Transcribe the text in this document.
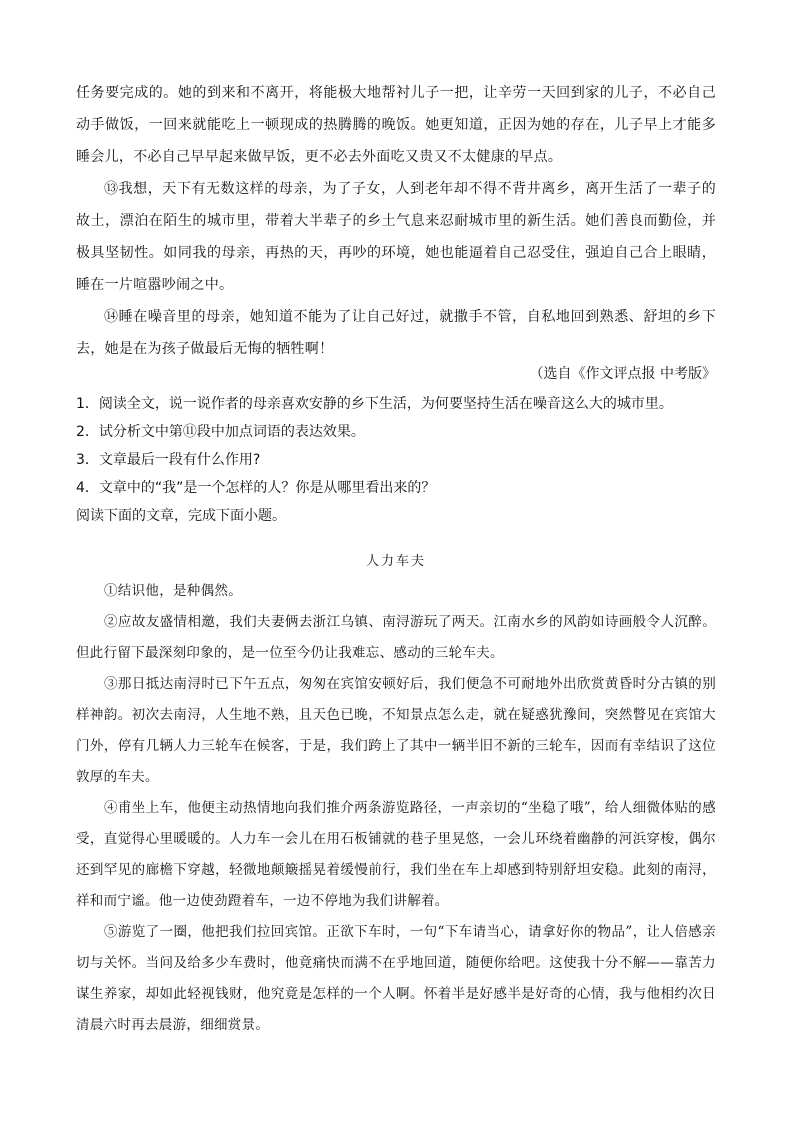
任务要完成的。她的到来和不离开，将能极大地帮衬儿子一把，让辛劳一天回到家的儿子，不必自己动手做饭，一回来就能吃上一顿现成的热腾腾的晚饭。她更知道，正因为她的存在，儿子早上才能多睡会儿，不必自己早早起来做早饭，更不必去外面吃又贵又不太健康的早点。

⑬我想，天下有无数这样的母亲，为了子女，人到老年却不得不背井离乡，离开生活了一辈子的故土，漂泊在陌生的城市里，带着大半辈子的乡土气息来忍耐城市里的新生活。她们善良而勤俭，并极具坚韧性。如同我的母亲，再热的天，再吵的环境，她也能逼着自己忍受住，强迫自己合上眼睛，睡在一片喧嚣吵闹之中。

⑭睡在噪音里的母亲，她知道不能为了让自己好过，就撒手不管，自私地回到熟悉、舒坦的乡下去，她是在为孩子做最后无悔的牺牲啊！

（选自《作文评点报 中考版》

1．阅读全文，说一说作者的母亲喜欢安静的乡下生活，为何要坚持生活在噪音这么大的城市里。

2．试分析文中第⑪段中加点词语的表达效果。

3．文章最后一段有什么作用?

4．文章中的“我”是一个怎样的人？你是从哪里看出来的？

阅读下面的文章，完成下面小题。

人力车夫

①结识他，是种偶然。

②应故友盛情相邀，我们夫妻俩去浙江乌镇、南浔游玩了两天。江南水乡的风韵如诗画般令人沉醉。但此行留下最深刻印象的，是一位至今仍让我难忘、感动的三轮车夫。

③那日抵达南浔时已下午五点，匆匆在宾馆安顿好后，我们便急不可耐地外出欣赏黄昏时分古镇的别样神韵。初次去南浔，人生地不熟，且天色已晚，不知景点怎么走，就在疑惑犹豫间，突然瞥见在宾馆大门外，停有几辆人力三轮车在候客，于是，我们跨上了其中一辆半旧不新的三轮车，因而有幸结识了这位敦厚的车夫。

④甫坐上车，他便主动热情地向我们推介两条游览路径，一声亲切的“坐稳了哦”，给人细微体贴的感受，直觉得心里暖暖的。人力车一会儿在用石板铺就的巷子里晃悠，一会儿环绕着幽静的河浜穿梭，偶尔还到罕见的廊檐下穿越，轻微地颠簸摇晃着缓慢前行，我们坐在车上却感到特别舒坦安稳。此刻的南浔，祥和而宁谧。他一边使劲蹬着车，一边不停地为我们讲解着。

⑤游览了一圈，他把我们拉回宾馆。正欲下车时，一句“下车请当心，请拿好你的物品”，让人倍感亲切与关怀。当问及给多少车费时，他竟痛快而满不在乎地回道，随便你给吧。这使我十分不解——靠苦力谋生养家，却如此轻视钱财，他究竟是怎样的一个人啊。怀着半是好感半是好奇的心情，我与他相约次日清晨六时再去晨游，细细赏景。
